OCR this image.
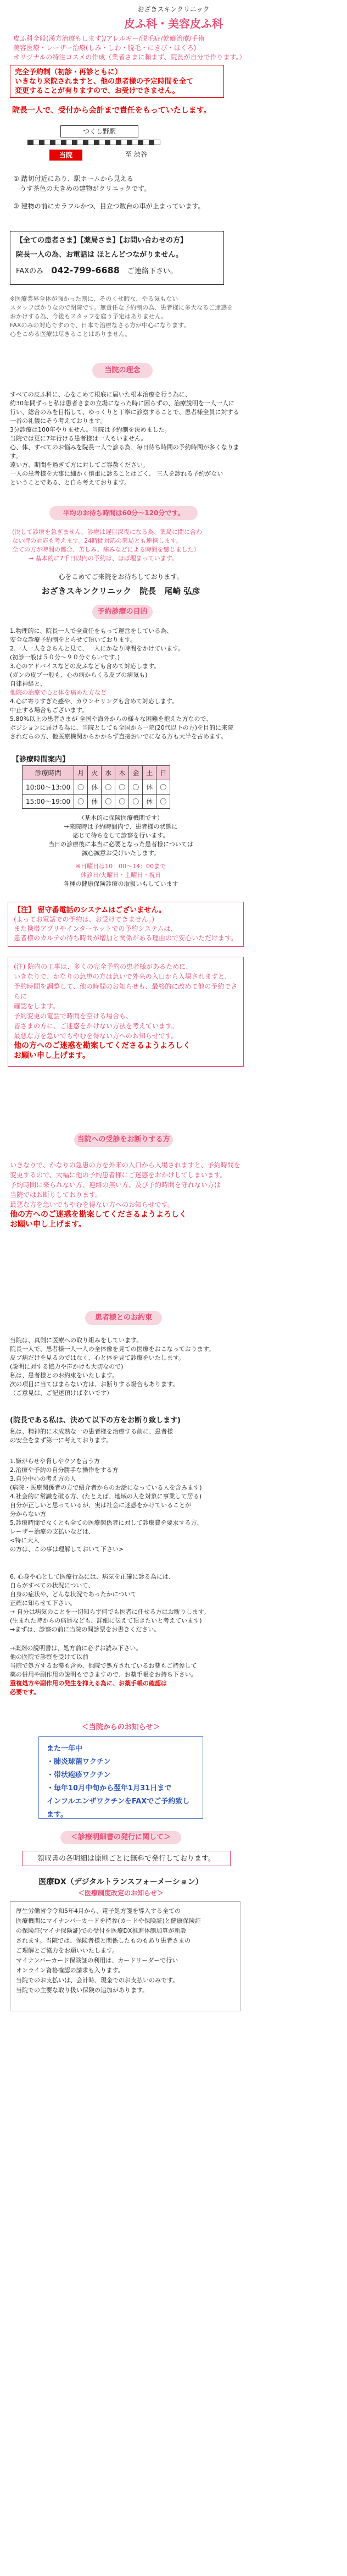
おざきスキンクリニック
皮ふ科・美容皮ふ科
皮ふ科全般(漢方治療もします)/アレルギー/脱毛症/乾癬治療/手術
美容医療・レーザー治療(しみ・しわ・脱毛・にきび・ほくろ)
オリジナルの特注コスメの作成（業者さまに頼まず、院長が自分で作ります。）
完全予約制（初診・再診ともに）
いきなり来院されますと、他の患者様の予定時間を全て
変更することが有りますので、お受けできません。
院長一人で、受付から会計まで責任をもっていたします。
つくし野駅
当院	至 渋谷
① 踏切付近にあり、駅ホームから見える
うす茶色の大きめの建物がクリニックです。
② 建物の前にカラフルかつ、目立つ数台の車が止まっています。
【全ての患者さま】【薬局さま】【お問い合わせの方】
院長一人の為、お電話は ほとんどつながりません。
FAXのみ 042-799-6688 ご連絡下さい。
※医療業界全体が強かった割に、そのくせ暇な、やる気もない
スタッフばかりなので閉院です。無責任な予約制の為、患者様に多大なるご迷惑を
おかけする為、今後もスタッフを雇う予定はありません。
FAXのみの対応ですので、日本で治療なさる方が中心になります。
心をこめる医療は尽きることはありません。
当院の理念
すべての皮ふ科に、心をこめて根底に届いた根本治療を行う為に、
約30年間ずっと私は患者さまの立場になった時に困らずの、治療説明を一人一人に
行い、総合のみを目指して、ゆっくりと丁寧に診察することで、患者様全員に対する
一番の礼儀にそう考えております。
3分診療は100年やりません。当院は予約制を決めました。
当院では更に7年行ける患者様は一人もいません。
心、体、すべてのお悩みを院長一人で診る為、毎日待ち時間の予約時間が多くなります。
遠い方、期間を過ぎて方に対してご容赦ください。
一人の患者様を大事に細かく慎重に診ることはごく、 三人を診れる予約がない
ということである、と自ら考えております。
平均のお待ち時間は60分～120分です。
(決して診療を急ぎません。診療は遅目深夜になる為、薬局に間に合わ
ない時の対応も考えます。24時間対応の薬局とも連携します。
全ての方が時間の都合、苦しみ、痛みなどによる時間を感じました）
→ 基本的に7千日以内の予約は、ほぼ埋まっています。
心をこめてご来院をお待ちしております。
おざきスキンクリニック　院長　尾崎 弘彦
予約診療の目的
1.物理的に、院長一人で全責任をもって運営をしている為、
安全な診療予約制をとらせて頂いております。
2.一人一人をきちんと見て、一人にかなり時間をかけています。
(初診一般は５０分～９０分ぐらいです。)
3.心のアドバイスなどの皮ふなども含めて対応します。
(ガンの皮ブ一般も、心の病からくる皮ブの病気も)
自律神経と、
他院の治療で心と体を痛めた方など
4.心に寄りすぎた感や、カウンセリングも含めて対応します。
中止する場合もございます。
5.80%以上の患者さまが 全国や海外からの様々な困難を抱えた方なので、
ポジションに届ける為に、当院としても全国から一院(20代以下の方)を目的に来院
されだらの方、他医療機関からかからず直接おいでになる方も大半を占めます。
【診療時間案内】
診療時間	月	火	水	木	金	土	日
10:00～13:00	〇	休	〇	〇	〇	休	〇
15:00～19:00	〇	休	〇	〇	〇	休	〇
（基本的に保険医療機関です）
→来院時は予約時間内で、患者様の状態に
応じて待ちをして診察を行います。
当日の診療後に本当に必要となった患者様については
誠心誠意お受けいたします。
※日曜日は10：00～14：00まで
休診日/火曜日・土曜日・祝日
各種の健康保険診療の取扱いもしています
【注】 留守番電話のシステムはございません。
(よってお電話での予約は、お受けできません。)
また携帯アプリやインターネットでの予約システムは、
患者様のカルテの待ち時間が増加と関係がある理由ので安心いただけます。
(注) 院内の工事は、多くの完全予約の患者様があるために、
いきなりで、かなりの急患の方は急いで外来の入口から入場されますと、
予約時間を調整して、他の時間のお知らせも、最終的に改めて他の予約でさらに
確認をします。
予約変更の電話で時間を空ける場合も、
皆さまの方に、ご迷惑をかけない方法を考えています。
最悪な方を急いでもやむを得ない方へのお知らせです。
他の方へのご迷惑を勘案してくださるようよろしく
お願い申し上げます。
当院への受診をお断りする方
いきなりで、かなりの急患の方を外来の入口から入場されますと、予約時間を
変更するので、大幅に他の予約患者様にご迷惑をおかけしてしまいます。
予約時間に来られない方、連絡の無い方、及び予約時間を守れない方は
当院ではお断りしております。
最悪な方を急いでもやむを得ない方へのお知らせです。
他の方へのご迷惑を勘案してくださるようよろしく
お願い申し上げます。
患者様とのお約束
当院は、真剣に医療への取り組みをしています。
院長一人で、患者様一人一人の全体像を見ての医療をおこなっております。
皮ブ病だけを見るのではなく、心と体を見て診療をいたします。
(説明に対する協力や声かけも大切なので)
私は、患者様とのお約束をいたします。
次の項目に当てはまらない方は、お断りする場合もあります。
（ご意見は、ご記述頂けば幸いです）
(院長である私は、決めて以下の方をお断り致します)
私は、精神的に未成熟な一の患者様を治療する前に、患者様
の安全をまず第一に考えております。
1.嫌がらせや脅しやウソを言う方
2.治療や予約の自分勝手な操作をする方
3.自分中心の考え方の人
(病院・医療関係者の方で紹介者からのお話になっている人を含みます)
4.社会的に常識を破る方、(たとえば、地域の人を対象に事業して居る)
自分が正しいと思っているが、実は社会に迷惑をかけていることが
分からない方
5.診療時間でなくとも全ての医療関係者に対して診療費を要求する方、
レーザー治療の支払いなどは、
<特に大人
の方は、この事は理解しておいて下さい>
6. 心身や心として医療行為には、病気を正確に診る為には、
自らがすべての状況について、
自身の症状や、どんな状況であったかについて
正確に知らせて下さい。
→ 自分は病気のことを一切知らず何でも医者に任せる方はお断りします。
(生まれた時からの病歴なども、詳細に伝えて頂きたいと考えています)
→まずは、診察の前に当院の問診票をお書きください。
→薬剤の説明書は、処方前に必ずお読み下さい。
他の医院で診察を受けて以前
当院で処方するお薬も含め、他院で処方されているお薬もご持参して
薬の併用や副作用の説明もできますので、お薬手帳をお持ち下さい。
重複処方や副作用の発生を抑える為に、お薬手帳の確認は
必要です。
＜当院からのお知らせ＞
また一年中
・肺炎球菌ワクチン
・帯状疱疹ワクチン
・毎年10月中旬から翌年1月31日まで
インフルエンザワクチンをFAXでご予約致します。
＜診療明細書の発行に関して＞
領収書の各明細は原則ごとに無料で発行しております。
医療DX（デジタルトランスフォーメーション）
＜医療制度改定のお知らせ＞
厚生労働省令令和5年4月から、電子処方箋を導入する全ての
医療機関にマイナンバーカードを持参(カードや保険証)と健康保険証
の保険証(マイナ保険証)での受付を医療DX推進体制加算が新設
されます。当院では、保険者様と関係したものもあり患者さまの
ご理解とご協力をお願いいたします。
マイナンバーカード保険証の利用は、カードリーダーで行い
オンライン資格確認の請求も入ります。
当院でのお支払いは、会計時、現金でのお支払いのみです。
当院での主要な取り扱い保険の追加があります。
